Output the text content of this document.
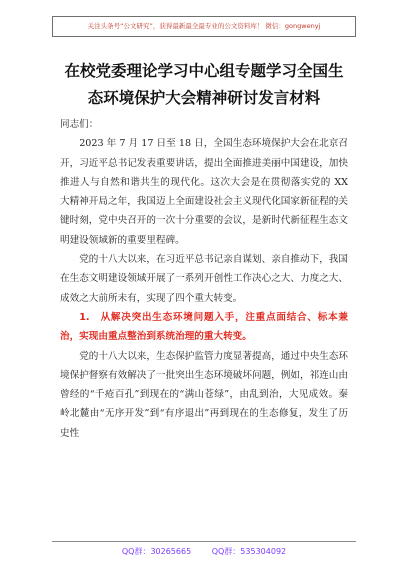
关注头条号“公文研究”，获得最新最全最专业的公文资料库！ 微信：gongwenyj
在校党委理论学习中心组专题学习全国生
态环境保护大会精神研讨发言材料

同志们：

2023 年 7 月 17 日至 18 日，全国生态环境保护大会在北京召开，习近平总书记发表重要讲话，提出全面推进美丽中国建设，加快推进人与自然和谐共生的现代化。这次大会是在贯彻落实党的 XX 大精神开局之年，我国迈上全面建设社会主义现代化国家新征程的关键时刻，党中央召开的一次十分重要的会议，是新时代新征程生态文明建设领域新的重要里程碑。

党的十八大以来，在习近平总书记亲自谋划、亲自推动下，我国在生态文明建设领域开展了一系列开创性工作决心之大、力度之大、成效之大前所未有，实现了四个重大转变。

1.　从解决突出生态环境问题入手，注重点面结合、标本兼治，实现由重点整治到系统治理的重大转变。

党的十八大以来，生态保护监管力度显著提高，通过中央生态环境保护督察有效解决了一批突出生态环境破坏问题，例如，祁连山由曾经的“千疮百孔”到现在的“满山苍绿”，由乱到治，大见成效。秦岭北麓由“无序开发”到“有序退出”再到现在的生态修复，发生了历史性

QQ群：30265665	QQ群：535304092
